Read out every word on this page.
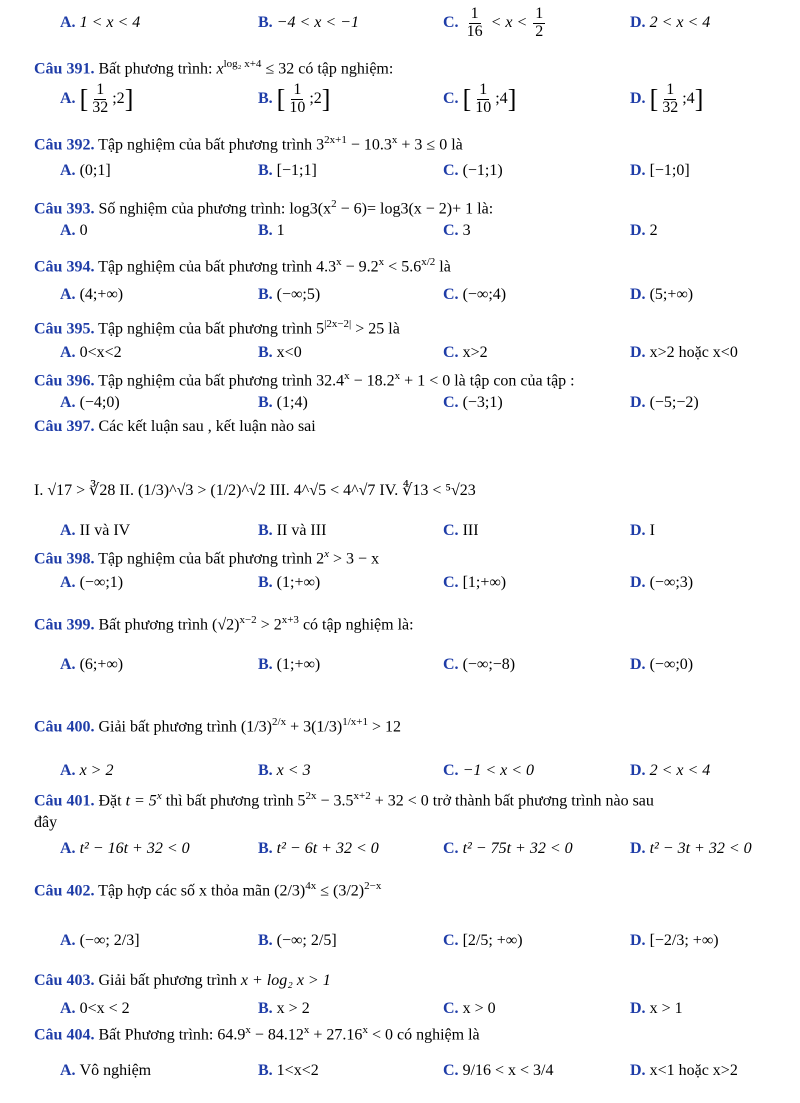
A. 1 < x < 4	B. −4 < x < −1	C. $\frac{1}{16} < x < \frac{1}{2}$	D. 2 < x < 4
Câu 391. Bất phương trình: $x^{log_2 x+4} \le 32$ có tập nghiệm:
A. [ $\frac{1}{32}$ ;2]	B. [ $\frac{1}{10}$ ;2]	C. [ $\frac{1}{10}$ ;4]	D. [ $\frac{1}{32}$ ;4]
Câu 392. Tập nghiệm của bất phương trình $3^{2x+1} - 10.3^x + 3 \le 0$ là
A. (0;1]	B. [−1;1]	C. (−1;1)	D. [−1;0]
Câu 393. Số nghiệm của phương trình: $\log 3(x^2 - 6)= \log 3(x - 2)+ 1$ là:
A. 0	B. 1	C. 3	D. 2
Câu 394. Tập nghiệm của bất phương trình $4.3^x - 9.2^x < 5.6^{x/2}$ là
A. (4;+∞)	B. (−∞;5)	C. (−∞;4)	D. (5;+∞)
Câu 395. Tập nghiệm của bất phương trình $5^{|2x-2|} > 25$ là
A. 0<x<2	B. x<0	C. x>2	D. x>2 hoặc x<0
Câu 396. Tập nghiệm của bất phương trình $32.4^x - 18.2^x + 1 < 0$ là tập con của tập :
A. (−4;0)	B. (1;4)	C. (−3;1)	D. (−5;−2)
Câu 397. Các kết luận sau , kết luận nào sai
I. √17 > ∛28 II. (1/3)^√3 > (1/2)^√2 III. 4^√5 < 4^√7 IV. ∜13 < ⁵√23
A. II và IV	B. II và III	C. III	D. I
Câu 398. Tập nghiệm của bất phương trình $2^x > 3 - x$
A. (−∞;1)	B. (1;+∞)	C. [1;+∞)	D. (−∞;3)
Câu 399. Bất phương trình $(√2)^{x-2} > 2^{x+3}$ có tập nghiệm là:
A. (6;+∞)	B. (1;+∞)	C. (−∞;−8)	D. (−∞;0)
Câu 400. Giải bất phương trình $(1/3)^{2/x} + 3(1/3)^{1/x+1} > 12$
A. x > 2	B. x < 3	C. −1 < x < 0	D. 2 < x < 4
Câu 401. Đặt $t = 5^x$ thì bất phương trình $5^{2x} - 3.5^{x+2} + 32 < 0$ trở thành bất phương trình nào sau
đây
A. t² − 16t + 32 < 0	B. t² − 6t + 32 < 0	C. t² − 75t + 32 < 0	D. t² − 3t + 32 < 0
Câu 402. Tập hợp các số x thỏa mãn $(2/3)^{4x} \le (3/2)^{2-x}$
A. (−∞; 2/3]	B. (−∞; 2/5]	C. [2/5; +∞)	D. [−2/3; +∞)
Câu 403. Giải bất phương trình x + log₂ x > 1
A. 0<x < 2	B. x > 2	C. x > 0	D. x > 1
Câu 404. Bất Phương trình: $64.9^x - 84.12^x + 27.16^x < 0$ có nghiệm là
A. Vô nghiệm	B. 1<x<2	C. 9/16 < x < 3/4	D. x<1 hoặc x>2
